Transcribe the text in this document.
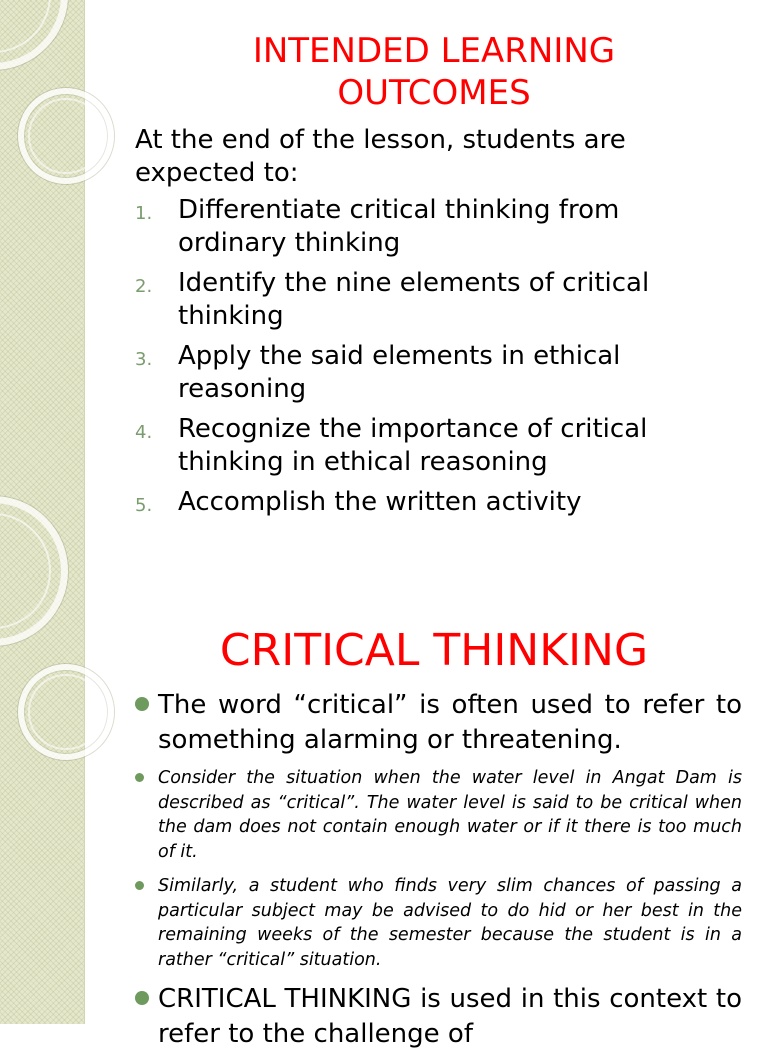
INTENDED LEARNING
OUTCOMES

At the end of the lesson, students are expected to:

1. Differentiate critical thinking from ordinary thinking
2. Identify the nine elements of critical thinking
3. Apply the said elements in ethical reasoning
4. Recognize the importance of critical thinking in ethical reasoning
5. Accomplish the written activity
CRITICAL THINKING

The word “critical” is often used to refer to something alarming or threatening.

Consider the situation when the water level in Angat Dam is described as “critical”. The water level is said to be critical when the dam does not contain enough water or if it there is too much of it.

Similarly, a student who finds very slim chances of passing a particular subject may be advised to do hid or her best in the remaining weeks of the semester because the student is in a rather “critical” situation.

CRITICAL THINKING is used in this context to refer to the challenge of
